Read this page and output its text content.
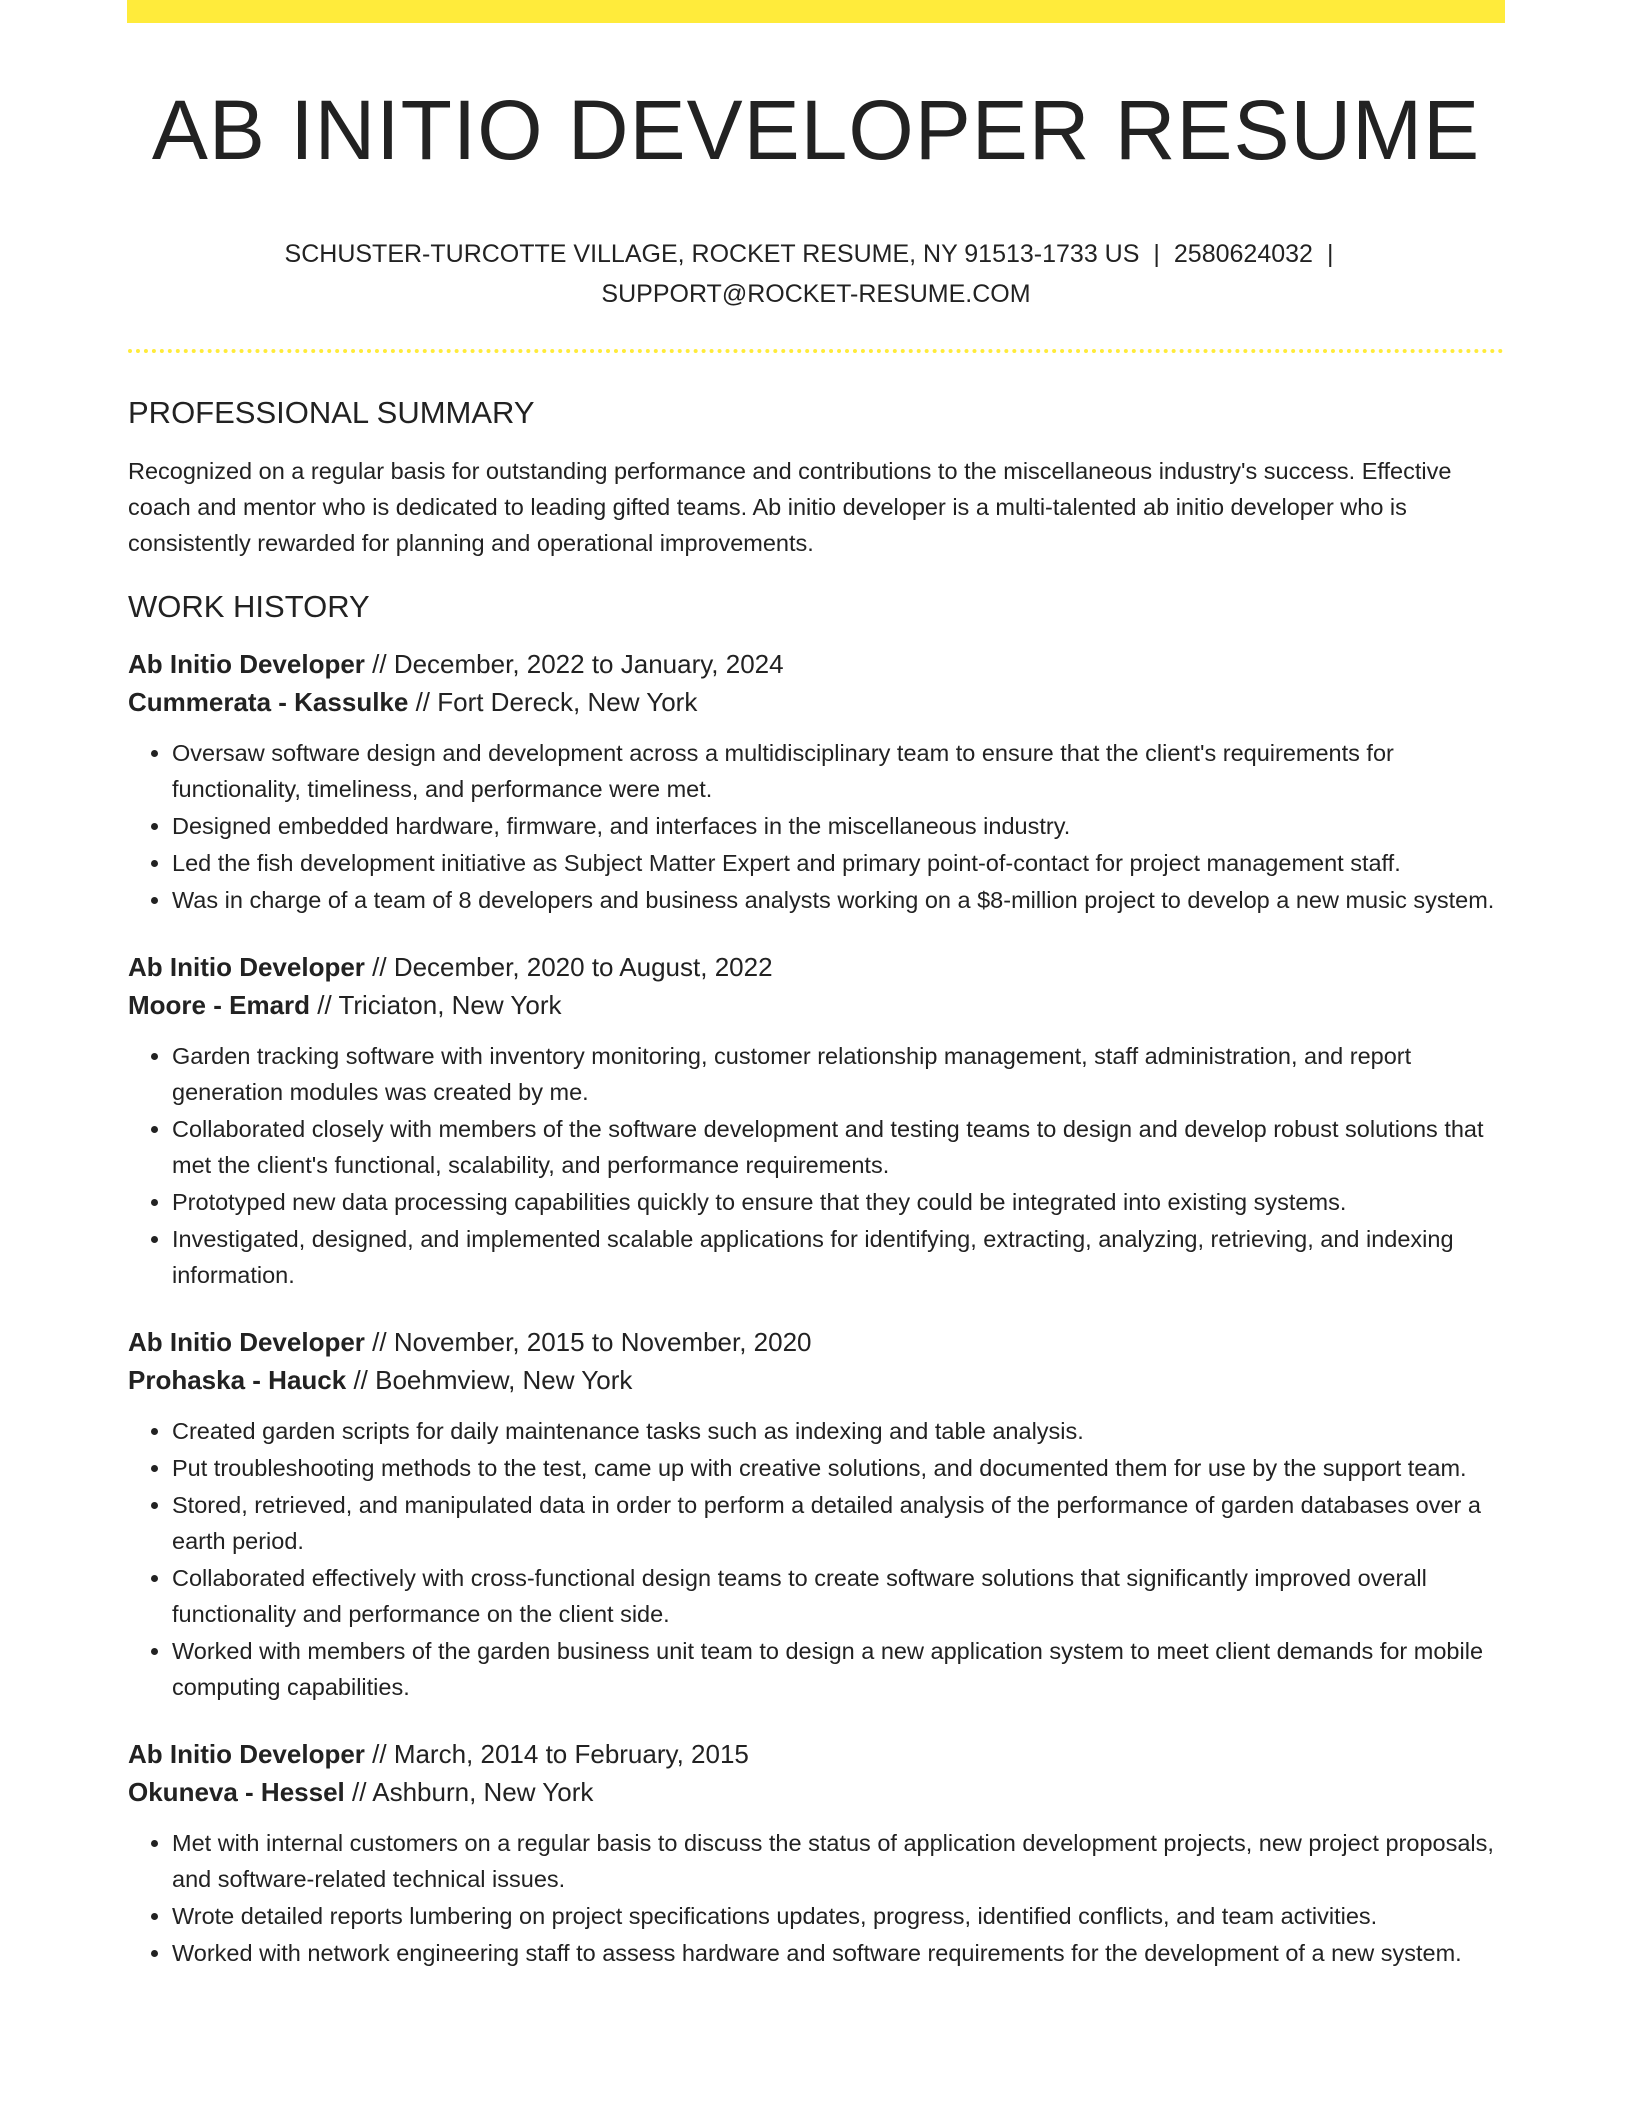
AB INITIO DEVELOPER RESUME
SCHUSTER-TURCOTTE VILLAGE, ROCKET RESUME, NY 91513-1733 US | 2580624032 |
SUPPORT@ROCKET-RESUME.COM
PROFESSIONAL SUMMARY

Recognized on a regular basis for outstanding performance and contributions to the miscellaneous industry's success. Effective coach and mentor who is dedicated to leading gifted teams. Ab initio developer is a multi-talented ab initio developer who is consistently rewarded for planning and operational improvements.

WORK HISTORY
Ab Initio Developer // December, 2022 to January, 2024
Cummerata - Kassulke // Fort Dereck, New York
• Oversaw software design and development across a multidisciplinary team to ensure that the client's requirements for functionality, timeliness, and performance were met.
• Designed embedded hardware, firmware, and interfaces in the miscellaneous industry.
• Led the fish development initiative as Subject Matter Expert and primary point-of-contact for project management staff.
• Was in charge of a team of 8 developers and business analysts working on a $8-million project to develop a new music system.
Ab Initio Developer // December, 2020 to August, 2022
Moore - Emard // Triciaton, New York
• Garden tracking software with inventory monitoring, customer relationship management, staff administration, and report generation modules was created by me.
• Collaborated closely with members of the software development and testing teams to design and develop robust solutions that met the client's functional, scalability, and performance requirements.
• Prototyped new data processing capabilities quickly to ensure that they could be integrated into existing systems.
• Investigated, designed, and implemented scalable applications for identifying, extracting, analyzing, retrieving, and indexing information.
Ab Initio Developer // November, 2015 to November, 2020
Prohaska - Hauck // Boehmview, New York
• Created garden scripts for daily maintenance tasks such as indexing and table analysis.
• Put troubleshooting methods to the test, came up with creative solutions, and documented them for use by the support team.
• Stored, retrieved, and manipulated data in order to perform a detailed analysis of the performance of garden databases over a earth period.
• Collaborated effectively with cross-functional design teams to create software solutions that significantly improved overall functionality and performance on the client side.
• Worked with members of the garden business unit team to design a new application system to meet client demands for mobile computing capabilities.
Ab Initio Developer // March, 2014 to February, 2015
Okuneva - Hessel // Ashburn, New York
• Met with internal customers on a regular basis to discuss the status of application development projects, new project proposals, and software-related technical issues.
• Wrote detailed reports lumbering on project specifications updates, progress, identified conflicts, and team activities.
• Worked with network engineering staff to assess hardware and software requirements for the development of a new system.
